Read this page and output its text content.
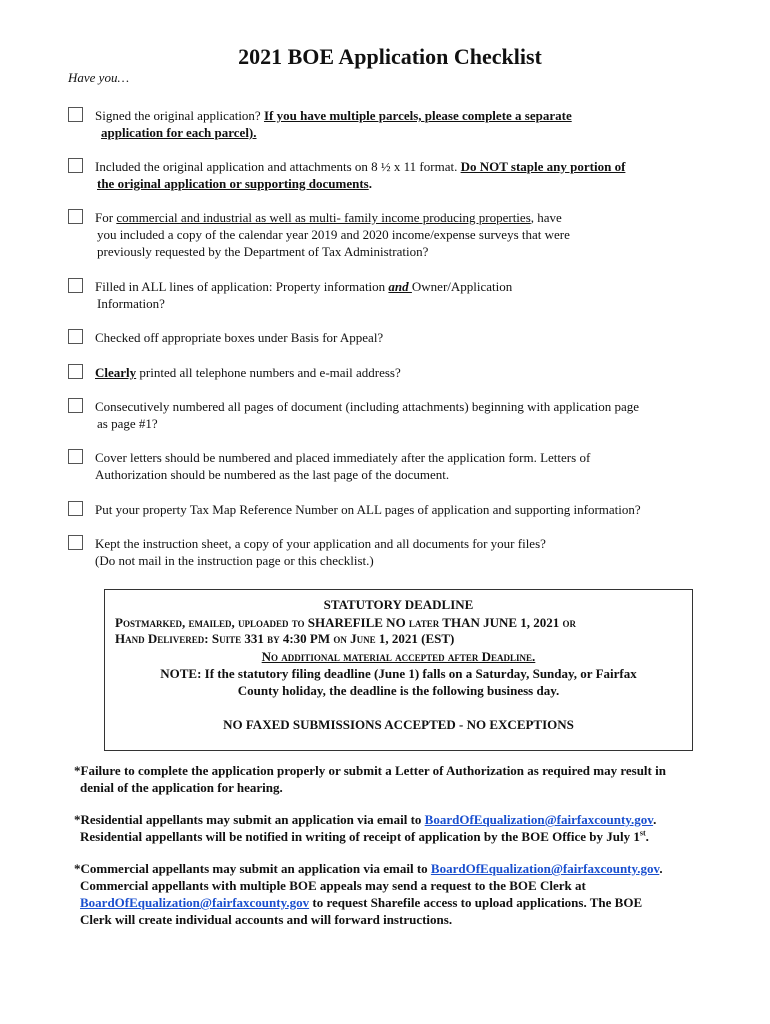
2021 BOE Application Checklist
Have you…
Signed the original application? If you have multiple parcels, please complete a separate
application for each parcel).
Included the original application and attachments on 8 ½ x 11 format. Do NOT staple any portion of
the original application or supporting documents.
For commercial and industrial as well as multi- family income producing properties, have
you included a copy of the calendar year 2019 and 2020 income/expense surveys that were
previously requested by the Department of Tax Administration?
Filled in ALL lines of application: Property information and Owner/Application
Information?
Checked off appropriate boxes under Basis for Appeal?
Clearly printed all telephone numbers and e-mail address?
Consecutively numbered all pages of document (including attachments) beginning with application page
as page #1?
Cover letters should be numbered and placed immediately after the application form. Letters of
Authorization should be numbered as the last page of the document.
Put your property Tax Map Reference Number on ALL pages of application and supporting information?
Kept the instruction sheet, a copy of your application and all documents for your files?
(Do not mail in the instruction page or this checklist.)
STATUTORY DEADLINE
Postmarked, emailed, uploaded to SHAREFILE NO later THAN JUNE 1, 2021 or
Hand Delivered: Suite 331 by 4:30 PM on June 1, 2021 (EST)
No additional material accepted after Deadline.
NOTE: If the statutory filing deadline (June 1) falls on a Saturday, Sunday, or Fairfax
County holiday, the deadline is the following business day.
NO FAXED SUBMISSIONS ACCEPTED - NO EXCEPTIONS
*Failure to complete the application properly or submit a Letter of Authorization as required may result in
denial of the application for hearing.
*Residential appellants may submit an application via email to BoardOfEqualization@fairfaxcounty.gov.
Residential appellants will be notified in writing of receipt of application by the BOE Office by July 1st.
*Commercial appellants may submit an application via email to BoardOfEqualization@fairfaxcounty.gov.
Commercial appellants with multiple BOE appeals may send a request to the BOE Clerk at
BoardOfEqualization@fairfaxcounty.gov to request Sharefile access to upload applications. The BOE
Clerk will create individual accounts and will forward instructions.
